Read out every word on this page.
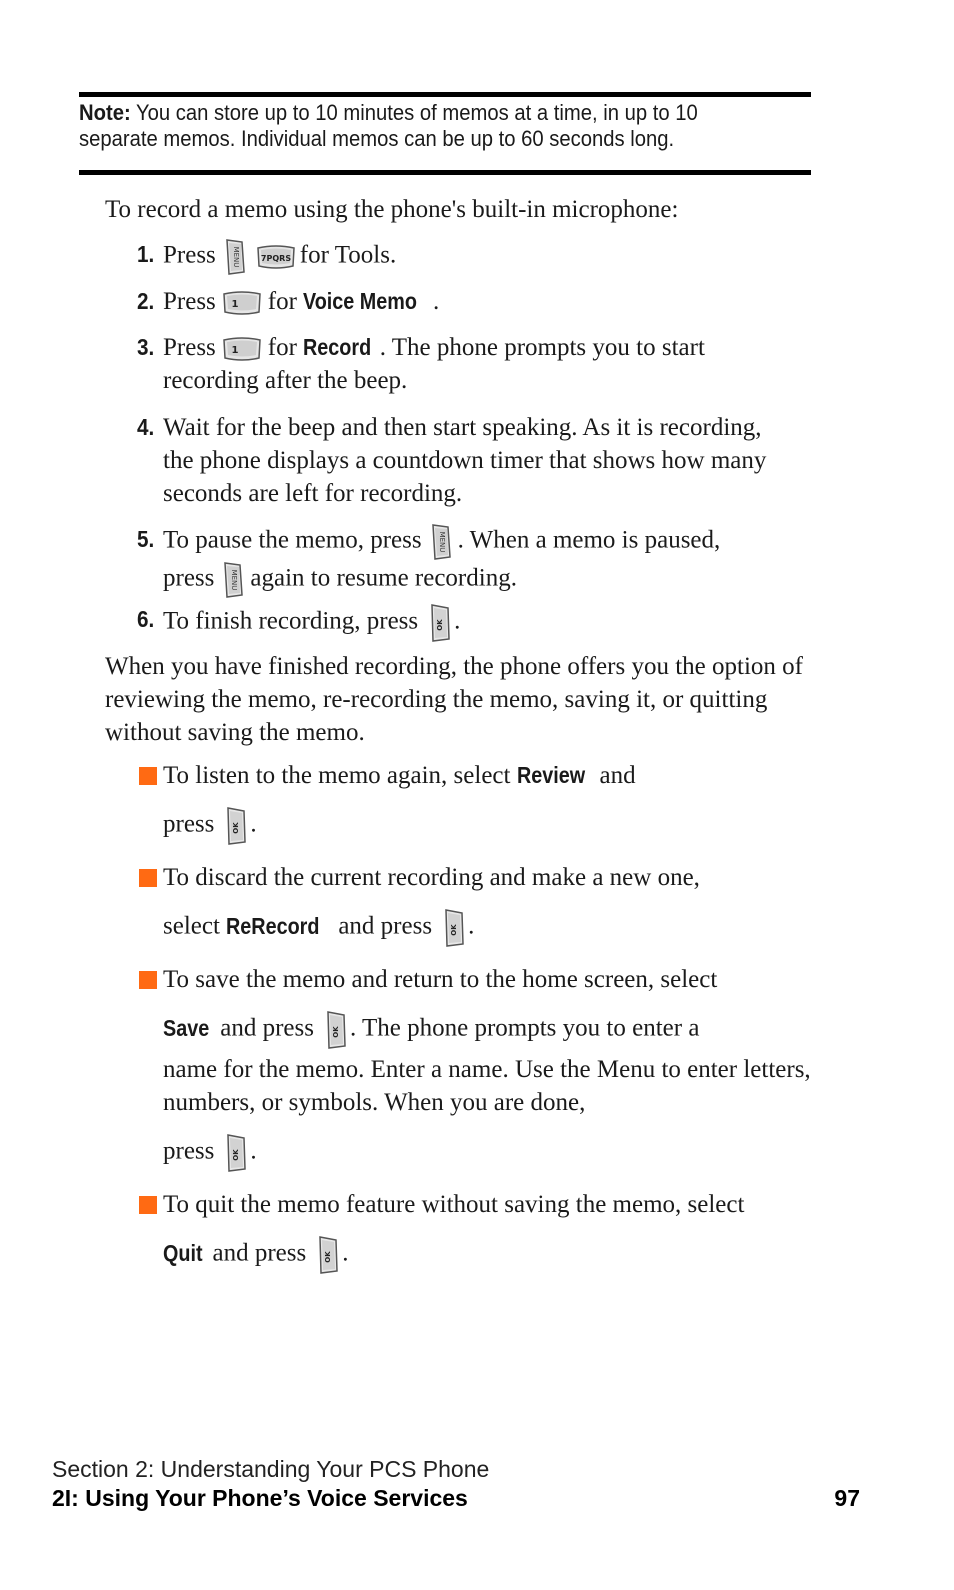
Note: You can store up to 10 minutes of memos at a time, in up to 10 separate memos. Individual memos can be up to 60 seconds long.
To record a memo using the phone's built-in microphone:
1. Press MENU	7PQRS for Tools.
2. Press 1 for Voice Memo .
3. Press 1 for Record . The phone prompts you to start
recording after the beep.
4. Wait for the beep and then start speaking. As it is recording, the phone displays a countdown timer that shows how many seconds are left for recording.
5. To pause the memo, press MENU . When a memo is paused,
press MENU again to resume recording.
6. To finish recording, press	OK .
When you have finished recording, the phone offers you the option of reviewing the memo, re-recording the memo, saving it, or quitting without saving the memo.
To listen to the memo again, select Review and
press	OK .
To discard the current recording and make a new one,
select ReRecord and press	OK .
To save the memo and return to the home screen, select
Save and press	OK . The phone prompts you to enter a
name for the memo. Enter a name. Use the Menu to enter letters, numbers, or symbols. When you are done,
press	OK .
To quit the memo feature without saving the memo, select
Quit and press	OK .
Section 2: Understanding Your PCS Phone
2I: Using Your Phone’s Voice Services	97
